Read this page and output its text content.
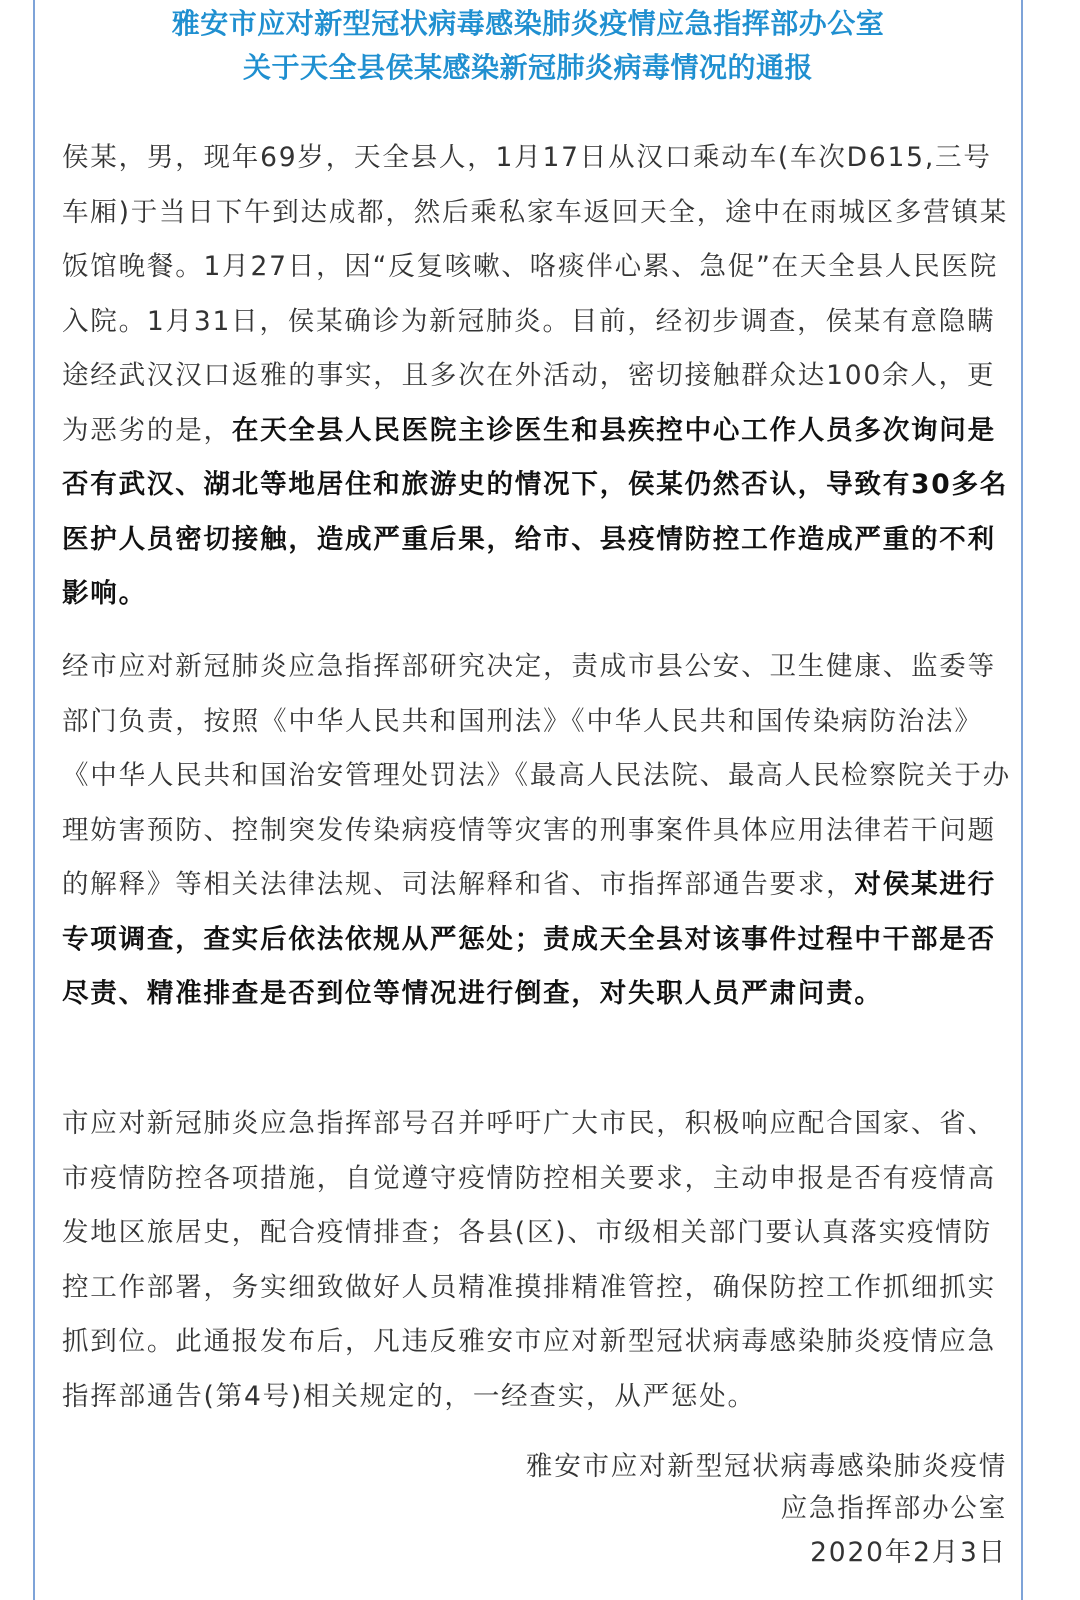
雅安市应对新型冠状病毒感染肺炎疫情应急指挥部办公室
关于天全县侯某感染新冠肺炎病毒情况的通报
侯某，男，现年69岁，天全县人，1月17日从汉口乘动车(车次D615,三号车厢)于当日下午到达成都，然后乘私家车返回天全，途中在雨城区多营镇某饭馆晚餐。1月27日，因“反复咳嗽、咯痰伴心累、急促”在天全县人民医院入院。1月31日，侯某确诊为新冠肺炎。目前，经初步调查，侯某有意隐瞒途经武汉汉口返雅的事实，且多次在外活动，密切接触群众达100余人，更为恶劣的是，在天全县人民医院主诊医生和县疾控中心工作人员多次询问是否有武汉、湖北等地居住和旅游史的情况下，侯某仍然否认，导致有30多名医护人员密切接触，造成严重后果，给市、县疫情防控工作造成严重的不利影响。
经市应对新冠肺炎应急指挥部研究决定，责成市县公安、卫生健康、监委等部门负责，按照《中华人民共和国刑法》《中华人民共和国传染病防治法》《中华人民共和国治安管理处罚法》《最高人民法院、最高人民检察院关于办理妨害预防、控制突发传染病疫情等灾害的刑事案件具体应用法律若干问题的解释》等相关法律法规、司法解释和省、市指挥部通告要求，对侯某进行专项调查，查实后依法依规从严惩处；责成天全县对该事件过程中干部是否尽责、精准排查是否到位等情况进行倒查，对失职人员严肃问责。
市应对新冠肺炎应急指挥部号召并呼吁广大市民，积极响应配合国家、省、市疫情防控各项措施，自觉遵守疫情防控相关要求，主动申报是否有疫情高发地区旅居史，配合疫情排查；各县(区)、市级相关部门要认真落实疫情防控工作部署，务实细致做好人员精准摸排精准管控，确保防控工作抓细抓实抓到位。此通报发布后，凡违反雅安市应对新型冠状病毒感染肺炎疫情应急指挥部通告(第4号)相关规定的，一经查实，从严惩处。
雅安市应对新型冠状病毒感染肺炎疫情
应急指挥部办公室
2020年2月3日
